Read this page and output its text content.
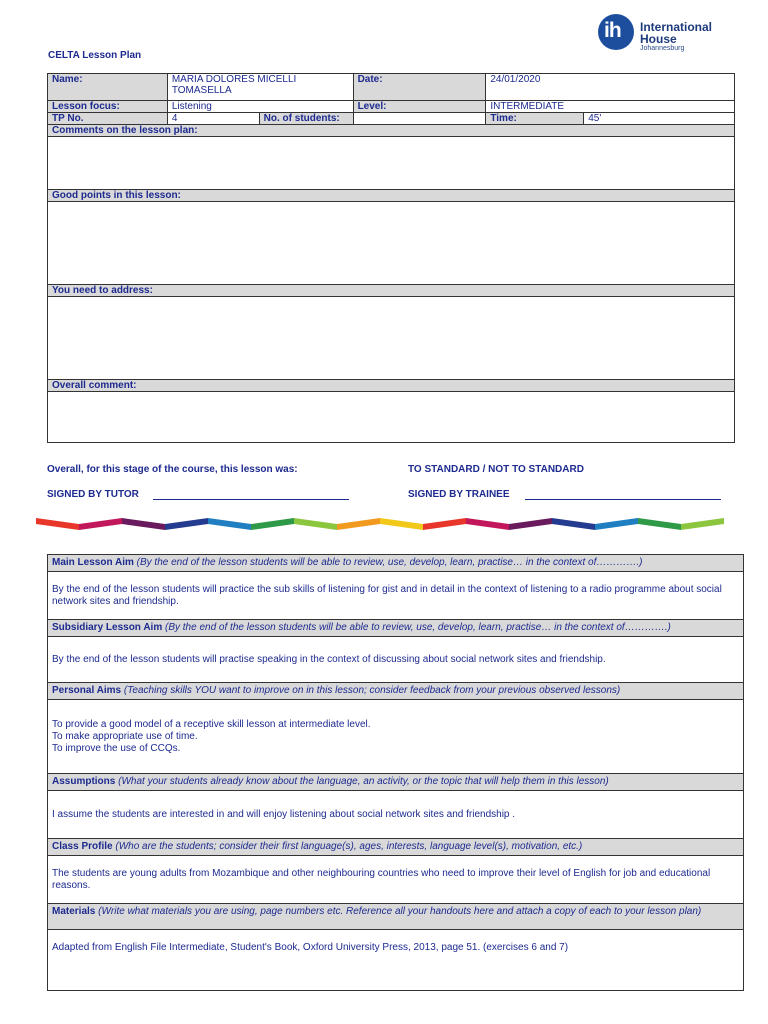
CELTA Lesson Plan
ih International
House
Johannesburg
Name:	MARIA DOLORES MICELLI TOMASELLA		Date:	24/01/2020	
Lesson focus:	Listening		Level:	INTERMEDIATE	
TP No.	4	No. of students:		Time:	45'
Comments on the lesson plan:					

Good points in this lesson:					

You need to address:					

Overall comment:					

Overall, for this stage of the course, this lesson was:	TO STANDARD / NOT TO STANDARD
SIGNED BY TUTOR	SIGNED BY TRAINEE
Main Lesson Aim (By the end of the lesson students will be able to review, use, develop, learn, practise… in the context of………….)
By the end of the lesson students will practice the sub skills of listening for gist and in detail in the context of listening to a radio programme about social network sites and friendship.
Subsidiary Lesson Aim (By the end of the lesson students will be able to review, use, develop, learn, practise… in the context of………….)
By the end of the lesson students will practise speaking in the context of discussing about social network sites and friendship.
Personal Aims (Teaching skills YOU want to improve on in this lesson; consider feedback from your previous observed lessons)

To provide a good model of a receptive skill lesson at intermediate level.
To make appropriate use of time.
To improve the use of CCQs.

Assumptions (What your students already know about the language, an activity, or the topic that will help them in this lesson)
I assume the students are interested in and will enjoy listening about social network sites and friendship .
Class Profile (Who are the students; consider their first language(s), ages, interests, language level(s), motivation, etc.)
The students are young adults from Mozambique and other neighbouring countries who need to improve their level of English for job and educational reasons.
Materials (Write what materials you are using, page numbers etc. Reference all your handouts here and attach a copy of each to your lesson plan)
Adapted from English File Intermediate, Student's Book, Oxford University Press, 2013, page 51. (exercises 6 and 7)
